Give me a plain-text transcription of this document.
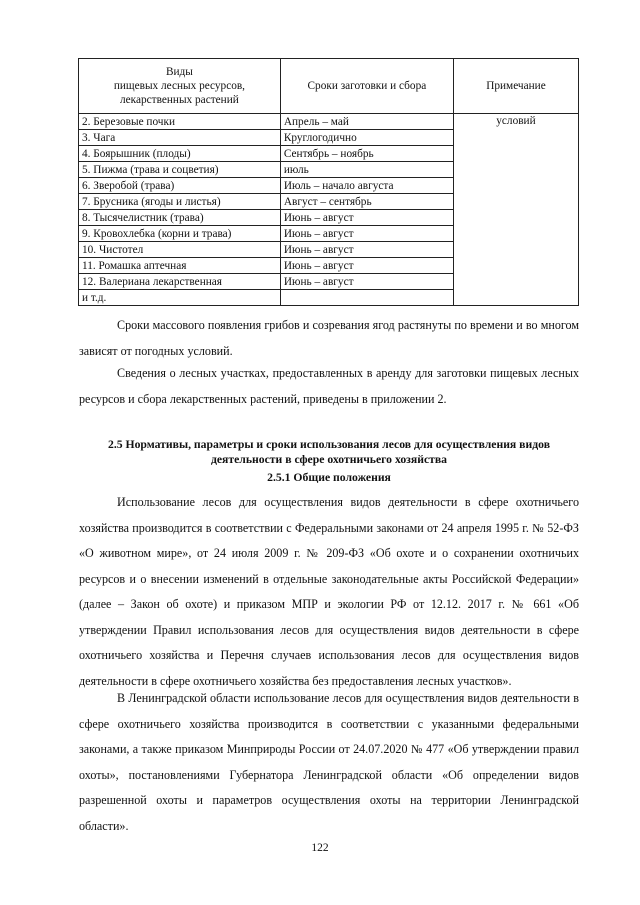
Виды
пищевых лесных ресурсов,
лекарственных растений	Сроки заготовки и сбора	Примечание
2. Березовые почки	Апрель – май	условий
3. Чага	Круглогодично	
4. Боярышник (плоды)	Сентябрь – ноябрь	
5. Пижма (трава и соцветия)	июль	
6. Зверобой (трава)	Июль – начало августа	
7. Брусника (ягоды и листья)	Август – сентябрь	
8. Тысячелистник (трава)	Июнь – август	
9. Кровохлебка (корни и трава)	Июнь – август	
10. Чистотел	Июнь – август	
11. Ромашка аптечная	Июнь – август	
12. Валериана лекарственная	Июнь – август	
и т.д.		

Сроки массового появления грибов и созревания ягод растянуты по времени и во многом зависят от погодных условий.

Сведения о лесных участках, предоставленных в аренду для заготовки пищевых лесных ресурсов и сбора лекарственных растений, приведены в приложении 2.

2.5 Нормативы, параметры и сроки использования лесов для осуществления видов деятельности в сфере охотничьего хозяйства

2.5.1 Общие положения

Использование лесов для осуществления видов деятельности в сфере охотничьего хозяйства производится в соответствии с Федеральными законами от 24 апреля 1995 г. № 52-ФЗ «О животном мире», от 24 июля 2009 г. № 209-ФЗ «Об охоте и о сохранении охотничьих ресурсов и о внесении изменений в отдельные законодательные акты Российской Федерации» (далее – Закон об охоте) и приказом МПР и экологии РФ от 12.12. 2017 г. № 661 «Об утверждении Правил использования лесов для осуществления видов деятельности в сфере охотничьего хозяйства и Перечня случаев использования лесов для осуществления видов деятельности в сфере охотничьего хозяйства без предоставления лесных участков».

В Ленинградской области использование лесов для осуществления видов деятельности в сфере охотничьего хозяйства производится в соответствии с указанными федеральными законами, а также приказом Минприроды России от 24.07.2020 № 477 «Об утверждении правил охоты», постановлениями Губернатора Ленинградской области «Об определении видов разрешенной охоты и параметров осуществления охоты на территории Ленинградской области».

122
